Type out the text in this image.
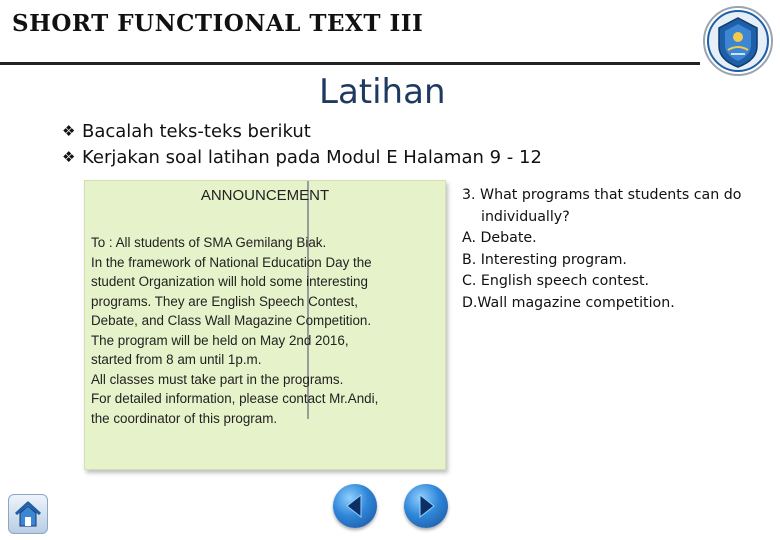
SHORT FUNCTIONAL TEXT III
Latihan
❖ Bacalah teks-teks berikut
❖ Kerjakan soal latihan pada Modul E Halaman 9 - 12
ANNOUNCEMENT
To : All students of SMA Gemilang Biak.
In the framework of National Education Day the
student Organization will hold some interesting
programs. They are English Speech Contest,
Debate, and Class Wall Magazine Competition.
The program will be held on May 2nd 2016,
started from 8 am until 1p.m.
All classes must take part in the programs.
For detailed information, please contact Mr.Andi,
the coordinator of this program.
3. What programs that students can do
individually?
A. Debate.
B. Interesting program.
C. English speech contest.
D.Wall magazine competition.
